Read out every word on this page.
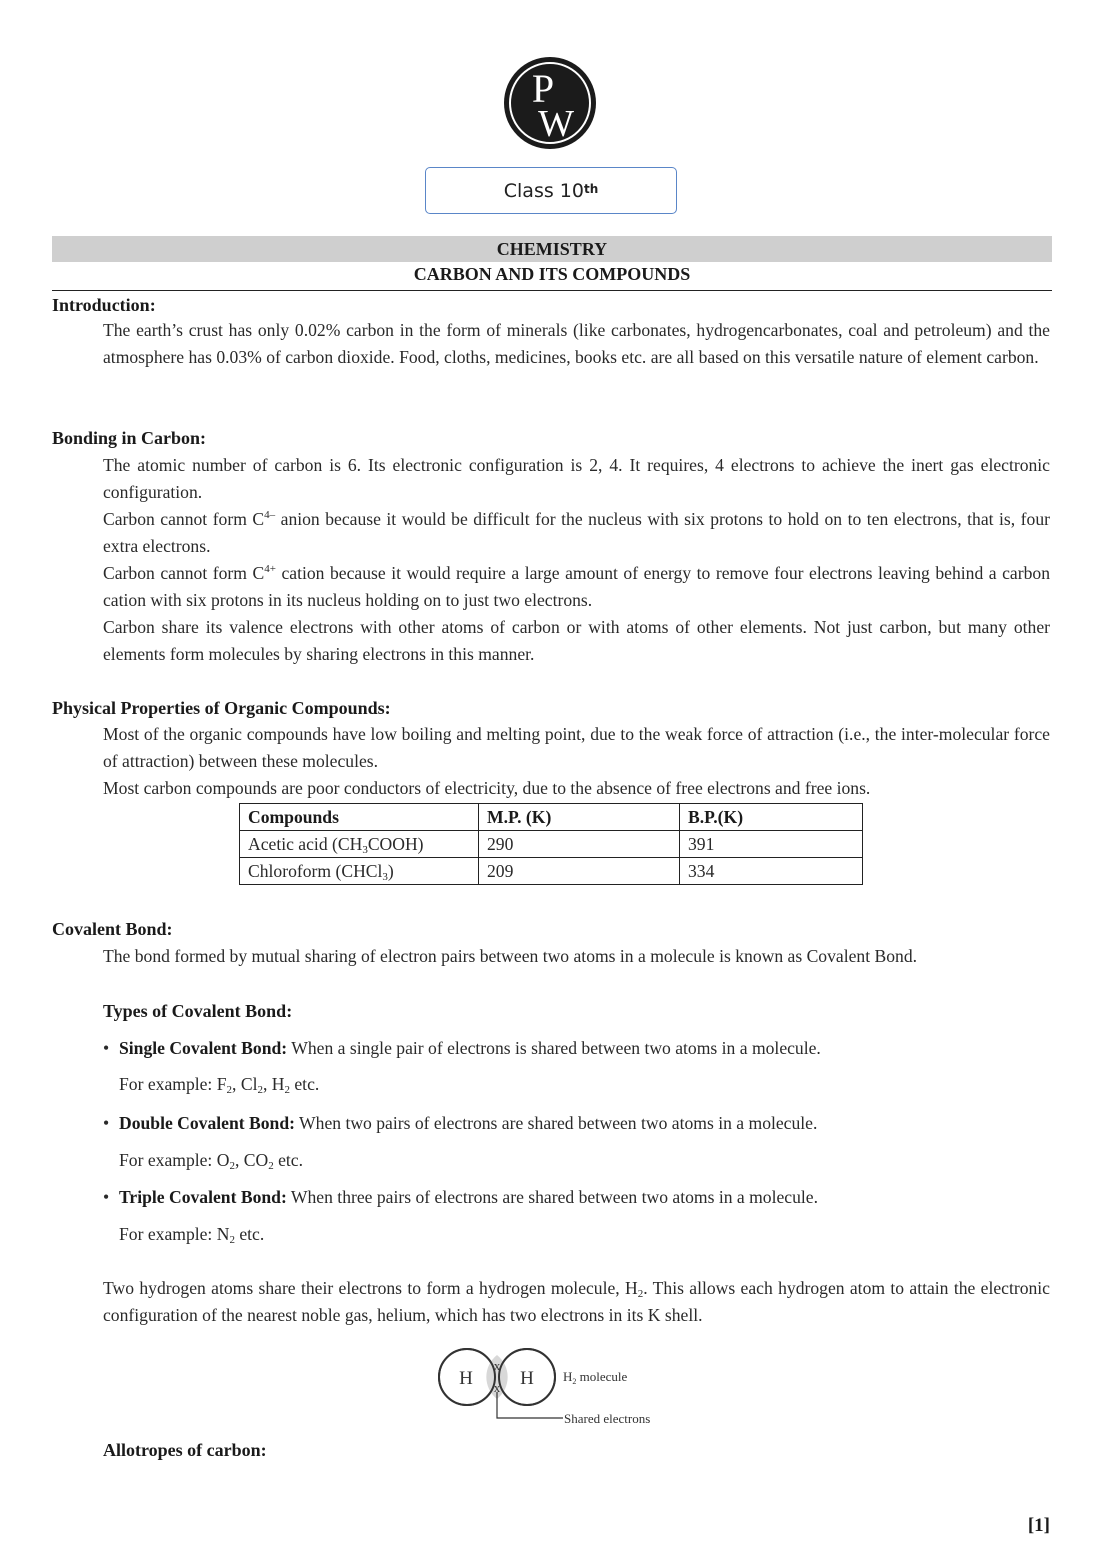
P
W
Class 10th
CHEMISTRY
CARBON AND ITS COMPOUNDS
Introduction:
The earth’s crust has only 0.02% carbon in the form of minerals (like carbonates, hydrogencarbonates, coal and petroleum) and the atmosphere has 0.03% of carbon dioxide. Food, cloths, medicines, books etc. are all based on this versatile nature of element carbon.
Bonding in Carbon:
The atomic number of carbon is 6. Its electronic configuration is 2, 4. It requires, 4 electrons to achieve the inert gas electronic configuration.
Carbon cannot form $C^{4-}$ anion because it would be difficult for the nucleus with six protons to hold on to ten electrons, that is, four extra electrons.
Carbon cannot form $C^{4+}$ cation because it would require a large amount of energy to remove four electrons leaving behind a carbon cation with six protons in its nucleus holding on to just two electrons.
Carbon share its valence electrons with other atoms of carbon or with atoms of other elements. Not just carbon, but many other elements form molecules by sharing electrons in this manner.
Physical Properties of Organic Compounds:
Most of the organic compounds have low boiling and melting point, due to the weak force of attraction (i.e., the inter-molecular force of attraction) between these molecules.
Most carbon compounds are poor conductors of electricity, due to the absence of free electrons and free ions.
Compounds	M.P. (K)	B.P.(K)
Acetic acid $(CH_3COOH)$	290	391
Chloroform (CHCl$_3$)	209	334
Covalent Bond:
The bond formed by mutual sharing of electron pairs between two atoms in a molecule is known as Covalent Bond.
Types of Covalent Bond:
• Single Covalent Bond: When a single pair of electrons is shared between two atoms in a molecule.
For example: $F_2$, $Cl_2$, $H_2$ etc.
• Double Covalent Bond: When two pairs of electrons are shared between two atoms in a molecule.
For example: $O_2$, $CO_2$ etc.
• Triple Covalent Bond: When three pairs of electrons are shared between two atoms in a molecule.
For example: $N_2$ etc.
Two hydrogen atoms share their electrons to form a hydrogen molecule, $H_2$. This allows each hydrogen atom to attain the electronic configuration of the nearest noble gas, helium, which has two electrons in its K shell.
H H
x
x
$H_2$ molecule
Shared electrons
Allotropes of carbon:
[1]
